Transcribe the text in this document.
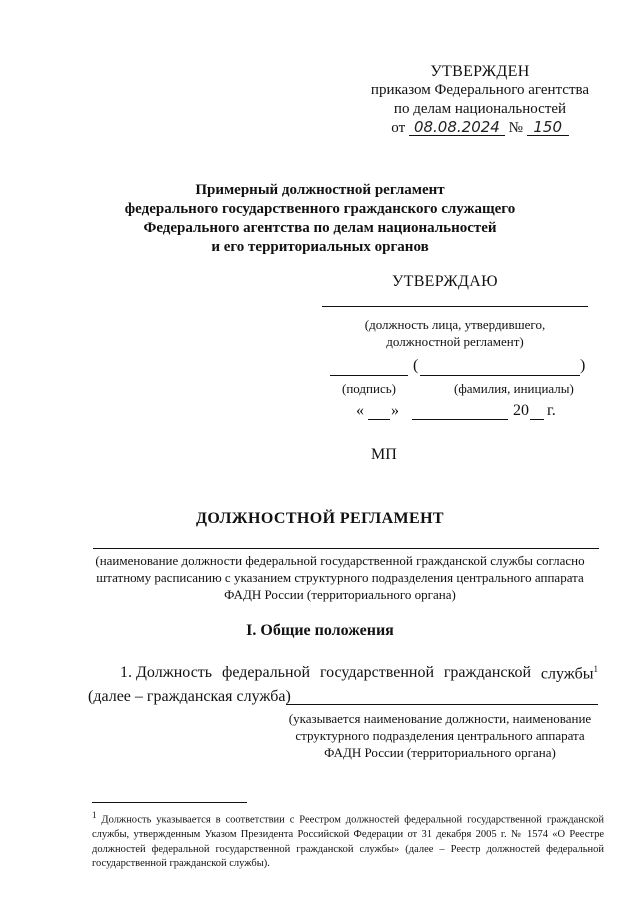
УТВЕРЖДЕН
приказом Федерального агентства
по делам национальностей
от 08.08.2024 № 150
Примерный должностной регламент
федерального государственного гражданского служащего
Федерального агентства по делам национальностей
и его территориальных органов
УТВЕРЖДАЮ
(должность лица, утвердившего,
должностной регламент)
(	)
(подпись)	(фамилия, инициалы)
« »	20 г.
МП
ДОЛЖНОСТНОЙ РЕГЛАМЕНТ
(наименование должности федеральной государственной гражданской службы согласно
штатному расписанию с указанием структурного подразделения центрального аппарата
ФАДН России (территориального органа)
I. Общие положения
1. Должность федеральной государственной гражданской службы$^1$
(далее – гражданская служба)
(указывается наименование должности, наименование
структурного подразделения центрального аппарата
ФАДН России (территориального органа)
$^1$ Должность указывается в соответствии с Реестром должностей федеральной государственной гражданской службы, утвержденным Указом Президента Российской Федерации от 31 декабря 2005 г. № 1574 «О Реестре должностей федеральной государственной гражданской службы» (далее – Реестр должностей федеральной государственной гражданской службы).
